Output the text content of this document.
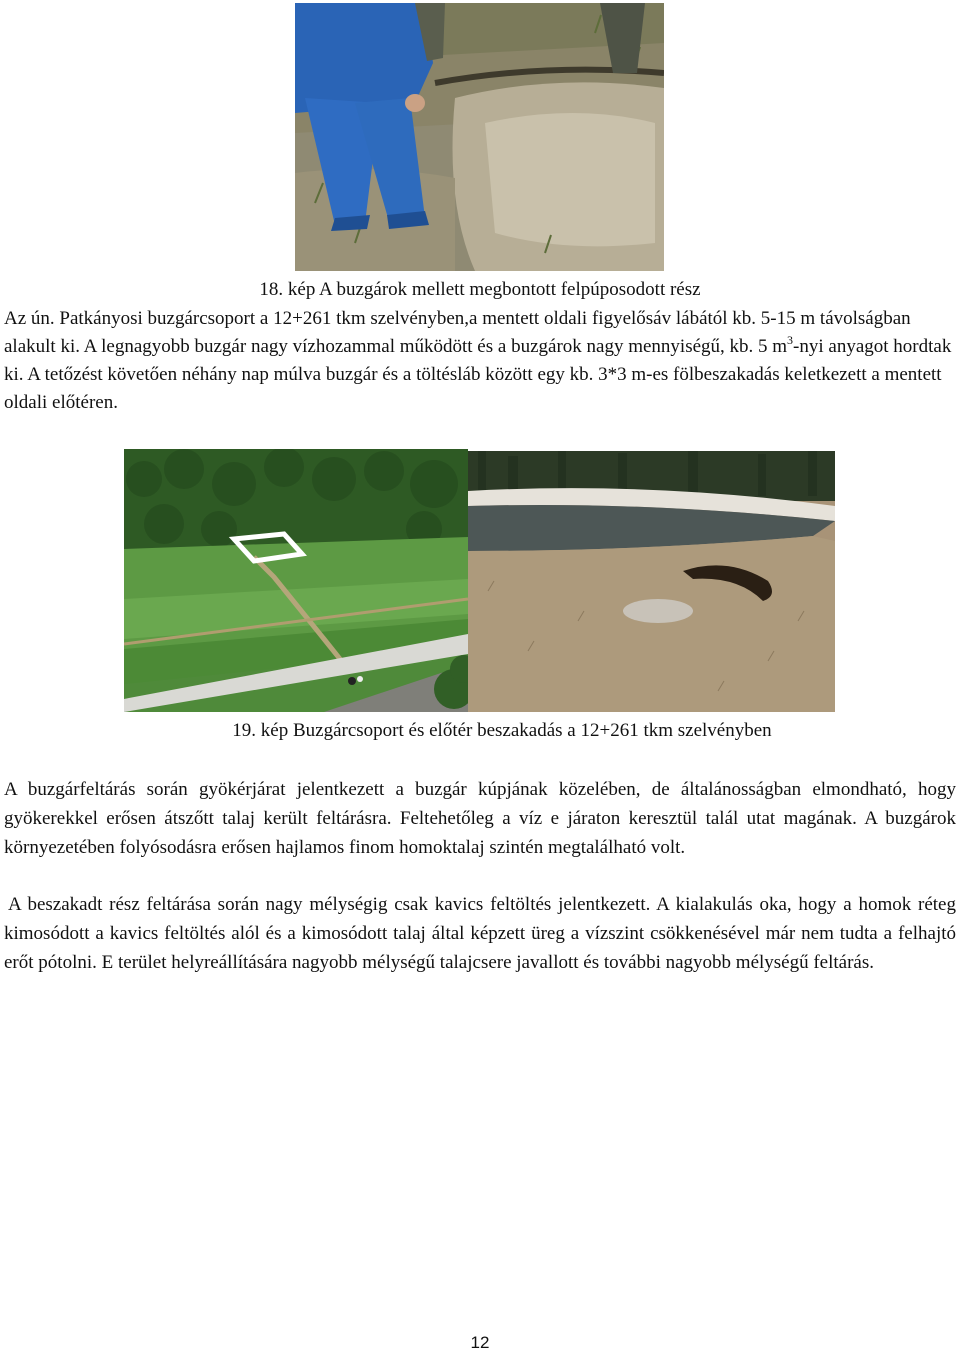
18. kép A buzgárok mellett megbontott felpúposodott rész
Az ún. Patkányosi buzgárcsoport a 12+261 tkm szelvényben,a mentett oldali figyelősáv lábától kb. 5-15 m távolságban alakult ki. A legnagyobb buzgár nagy vízhozammal működött és a buzgárok nagy mennyiségű, kb. 5 $m^3$-nyi anyagot hordtak ki. A tetőzést követően néhány nap múlva buzgár és a töltésláb között egy kb. 3*3 m-es fölbeszakadás keletkezett a mentett oldali előtéren.
19. kép Buzgárcsoport és előtér beszakadás a 12+261 tkm szelvényben
A buzgárfeltárás során gyökérjárat jelentkezett a buzgár kúpjának közelében, de általánosságban elmondható, hogy gyökerekkel erősen átszőtt talaj került feltárásra. Feltehetőleg a víz e járaton keresztül talál utat magának. A buzgárok környezetében folyósodásra erősen hajlamos finom homoktalaj szintén megtalálható volt.
A beszakadt rész feltárása során nagy mélységig csak kavics feltöltés jelentkezett. A kialakulás oka, hogy a homok réteg kimosódott a kavics feltöltés alól és a kimosódott talaj által képzett üreg a vízszint csökkenésével már nem tudta a felhajtó erőt pótolni. E terület helyreállítására nagyobb mélységű talajcsere javallott és további nagyobb mélységű feltárás.
12
